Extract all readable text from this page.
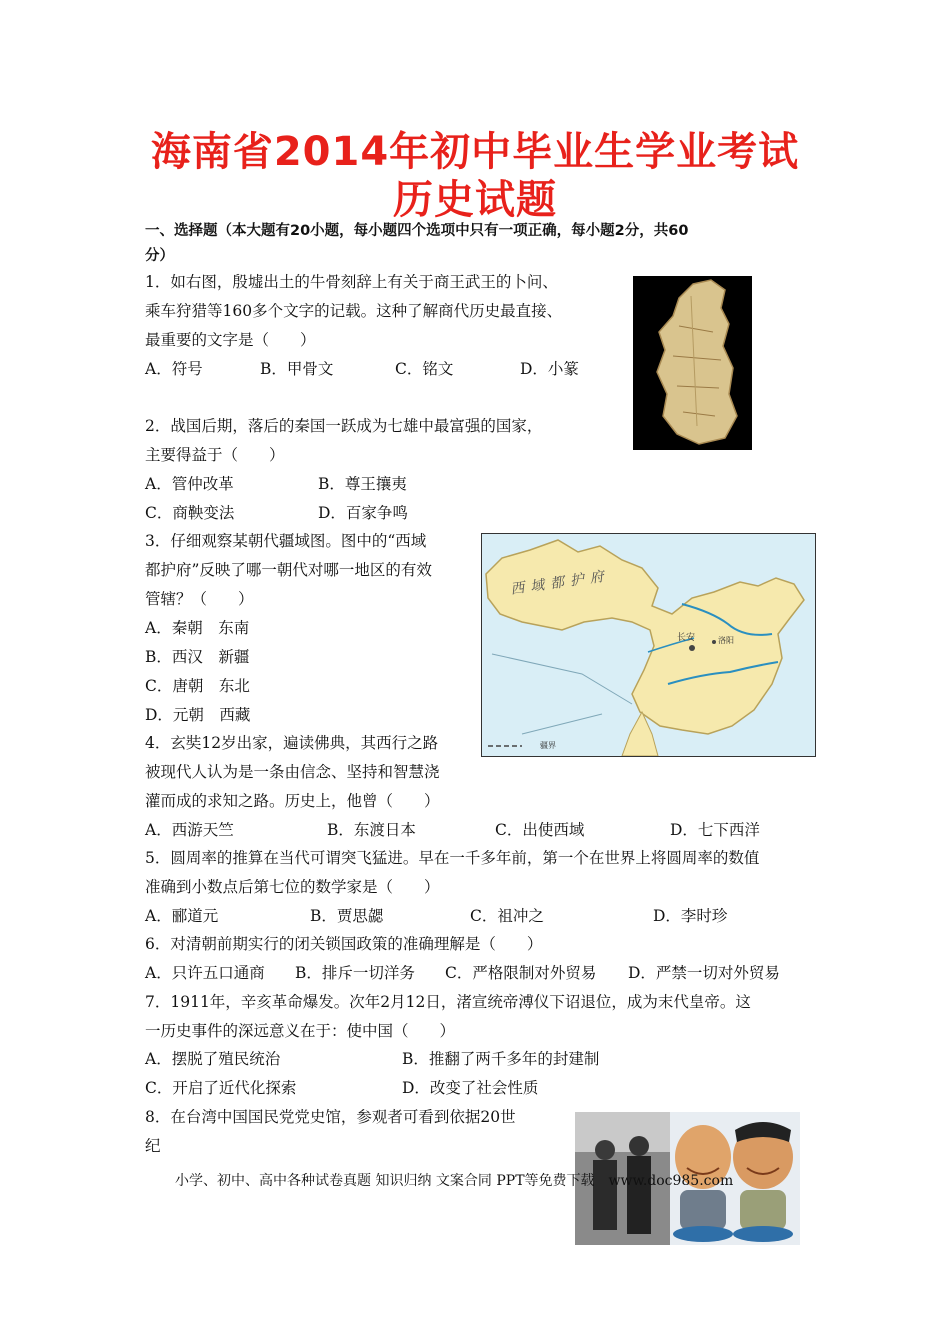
海南省2014年初中毕业生学业考试
历史试题
一、选择题（本大题有20小题，每小题四个选项中只有一项正确，每小题2分，共60
分）
1．如右图，殷墟出土的牛骨刻辞上有关于商王武王的卜问、
乘车狩猎等160多个文字的记载。这种了解商代历史最直接、
最重要的文字是（　　）
A．符号	B．甲骨文	C．铭文	D．小篆
2．战国后期，落后的秦国一跃成为七雄中最富强的国家，
主要得益于（　　）
A．管仲改革	B．尊王攘夷
C．商鞅变法	D．百家争鸣
3．仔细观察某朝代疆域图。图中的“西域
都护府”反映了哪一朝代对哪一地区的有效
管辖？（　　）
A．秦朝　东南
B．西汉　新疆
C．唐朝　东北
D．元朝　西藏
西域都护府
长安	洛阳
疆界
4．玄奘12岁出家，遍读佛典，其西行之路
被现代人认为是一条由信念、坚持和智慧浇
灌而成的求知之路。历史上，他曾（　　）
A．西游天竺	B．东渡日本	C．出使西域	D．七下西洋
5．圆周率的推算在当代可谓突飞猛进。早在一千多年前，第一个在世界上将圆周率的数值
准确到小数点后第七位的数学家是（　　）
A．郦道元	B．贾思勰	C．祖冲之	D．李时珍
6．对清朝前期实行的闭关锁国政策的准确理解是（　　）
A．只许五口通商 B．排斥一切洋务 C．严格限制对外贸易 D．严禁一切对外贸易
7．1911年，辛亥革命爆发。次年2月12日，渚宣统帝溥仪下诏退位，成为末代皇帝。这
一历史事件的深远意义在于：使中国（　　）
A．摆脱了殖民统治	B．推翻了两千多年的封建制
C．开启了近代化探索	D．改变了社会性质
8．在台湾中国国民党党史馆，参观者可看到依据20世
纪
小学、初中、高中各种试卷真题 知识归纳 文案合同 PPT等免费下载　www.doc985.com
